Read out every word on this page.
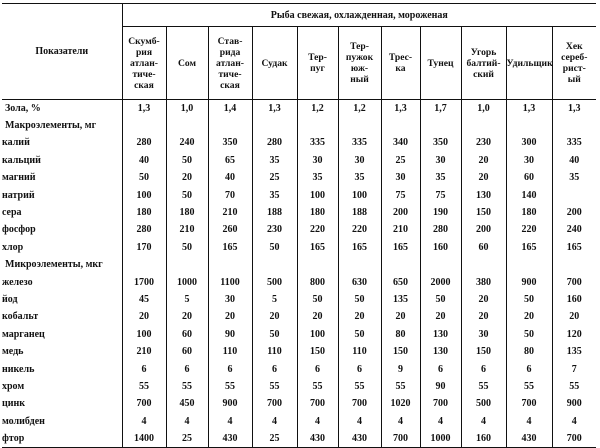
Показатели	Рыба свежая, охлажденная, мороженая										

	Скумб-
рия
атлан-
тиче-
ская	Сом	Став-
рида
атлан-
тиче-
ская	Судак	Тер-
пуг	Тер-
пужок
юж-
ный	Трес-
ка	Тунец	Угорь
балтий-
ский	Удильщик	Хек
сереб-
рист-
ый

Зола, %	1,3	1,0	1,4	1,3	1,2	1,2	1,3	1,7	1,0	1,3	1,3
Макроэлементы, мг											
калий	280	240	350	280	335	335	340	350	230	300	335
кальций	40	50	65	35	30	30	25	30	20	30	40
магний	50	20	40	25	35	35	30	35	20	60	35
натрий	100	50	70	35	100	100	75	75	130	140	
сера	180	180	210	188	180	188	200	190	150	180	200
фосфор	280	210	260	230	220	220	210	280	200	220	240
хлор	170	50	165	50	165	165	165	160	60	165	165
Микроэлементы, мкг											
железо	1700	1000	1100	500	800	630	650	2000	380	900	700
йод	45	5	30	5	50	50	135	50	20	50	160
кобальт	20	20	20	20	20	20	20	20	20	20	20
марганец	100	60	90	50	100	50	80	130	30	50	120
медь	210	60	110	110	150	110	150	130	150	80	135
никель	6	6	6	6	6	6	9	6	6	6	7
хром	55	55	55	55	55	55	55	90	55	55	55
цинк	700	450	900	700	700	700	1020	700	500	700	900
молибден	4	4	4	4	4	4	4	4	4	4	4
фтор	1400	25	430	25	430	430	700	1000	160	430	700
